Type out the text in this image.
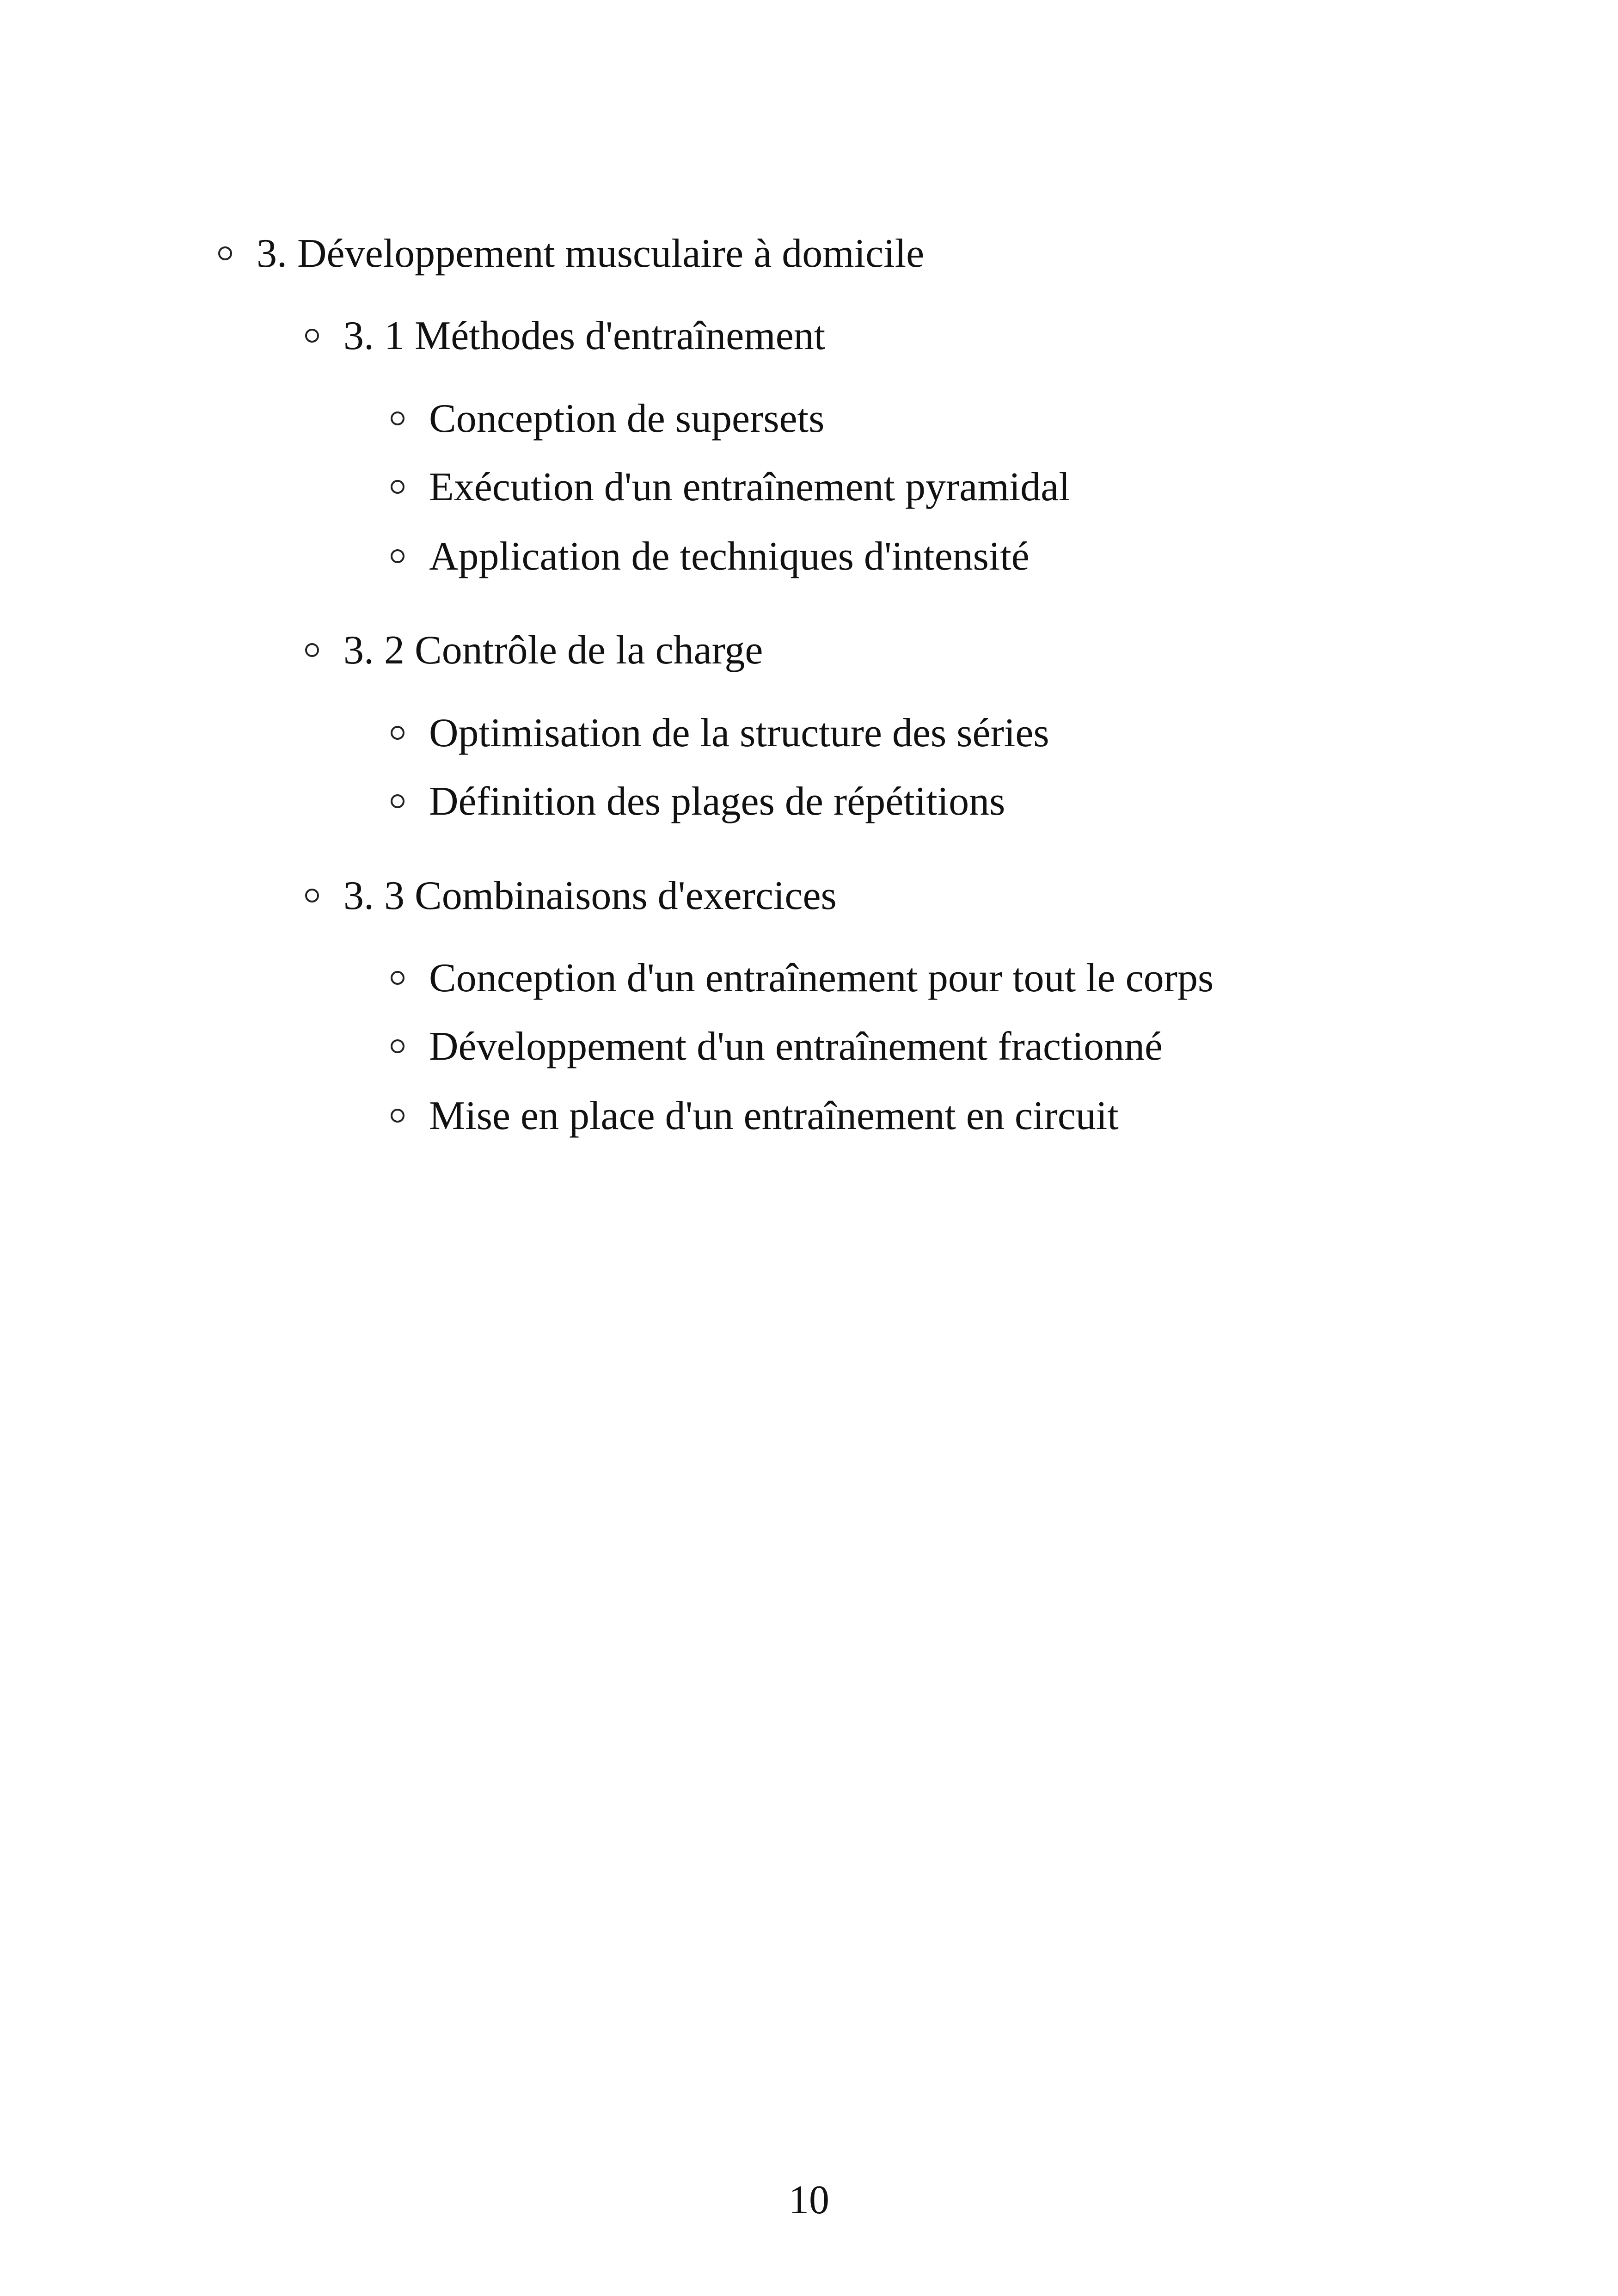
3. Développement musculaire à domicile
3. 1 Méthodes d'entraînement
Conception de supersets
Exécution d'un entraînement pyramidal
Application de techniques d'intensité
3. 2 Contrôle de la charge
Optimisation de la structure des séries
Définition des plages de répétitions
3. 3 Combinaisons d'exercices
Conception d'un entraînement pour tout le corps
Développement d'un entraînement fractionné
Mise en place d'un entraînement en circuit
10
